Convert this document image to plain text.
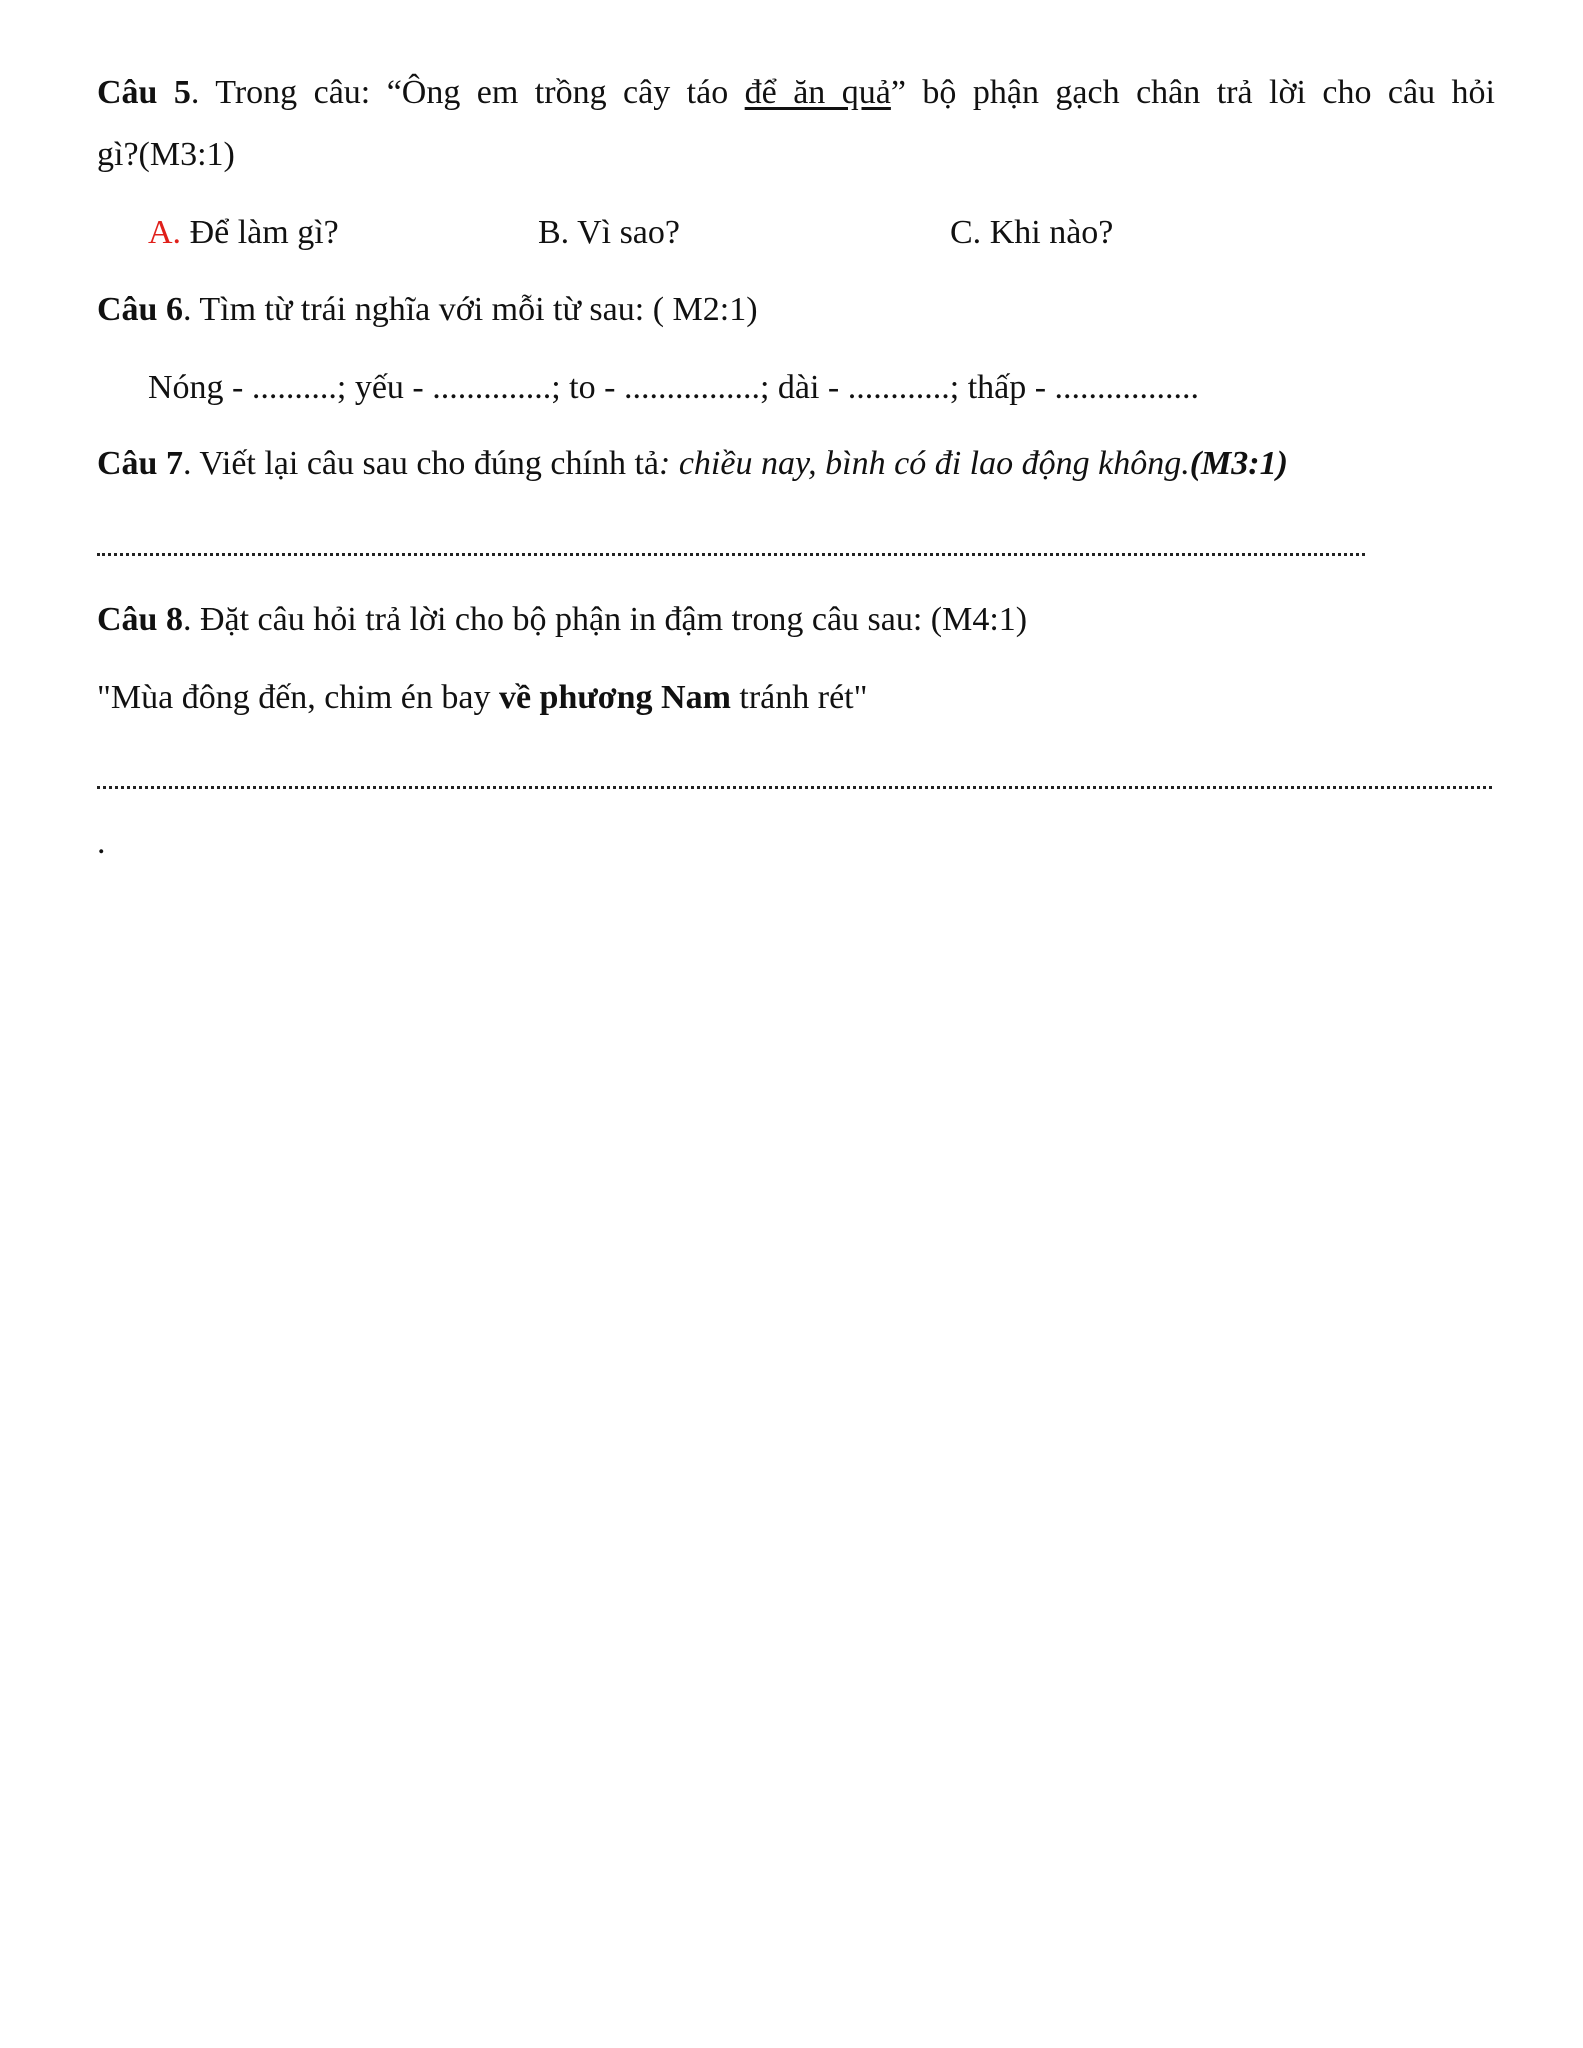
Câu 5. Trong câu: “Ông em trồng cây táo để ăn quả” bộ phận gạch chân trả lời cho câu hỏi
gì?(M3:1)
A. Để làm gì?	B. Vì sao?	C. Khi nào?
Câu 6. Tìm từ trái nghĩa với mỗi từ sau: ( M2:1)
Nóng - ..........; yếu - ..............; to - ................; dài - ............; thấp - .................
Câu 7. Viết lại câu sau cho đúng chính tả: chiều nay, bình có đi lao động không.(M3:1)
Câu 8. Đặt câu hỏi trả lời cho bộ phận in đậm trong câu sau: (M4:1)
"Mùa đông đến, chim én bay về phương Nam tránh rét"
.
